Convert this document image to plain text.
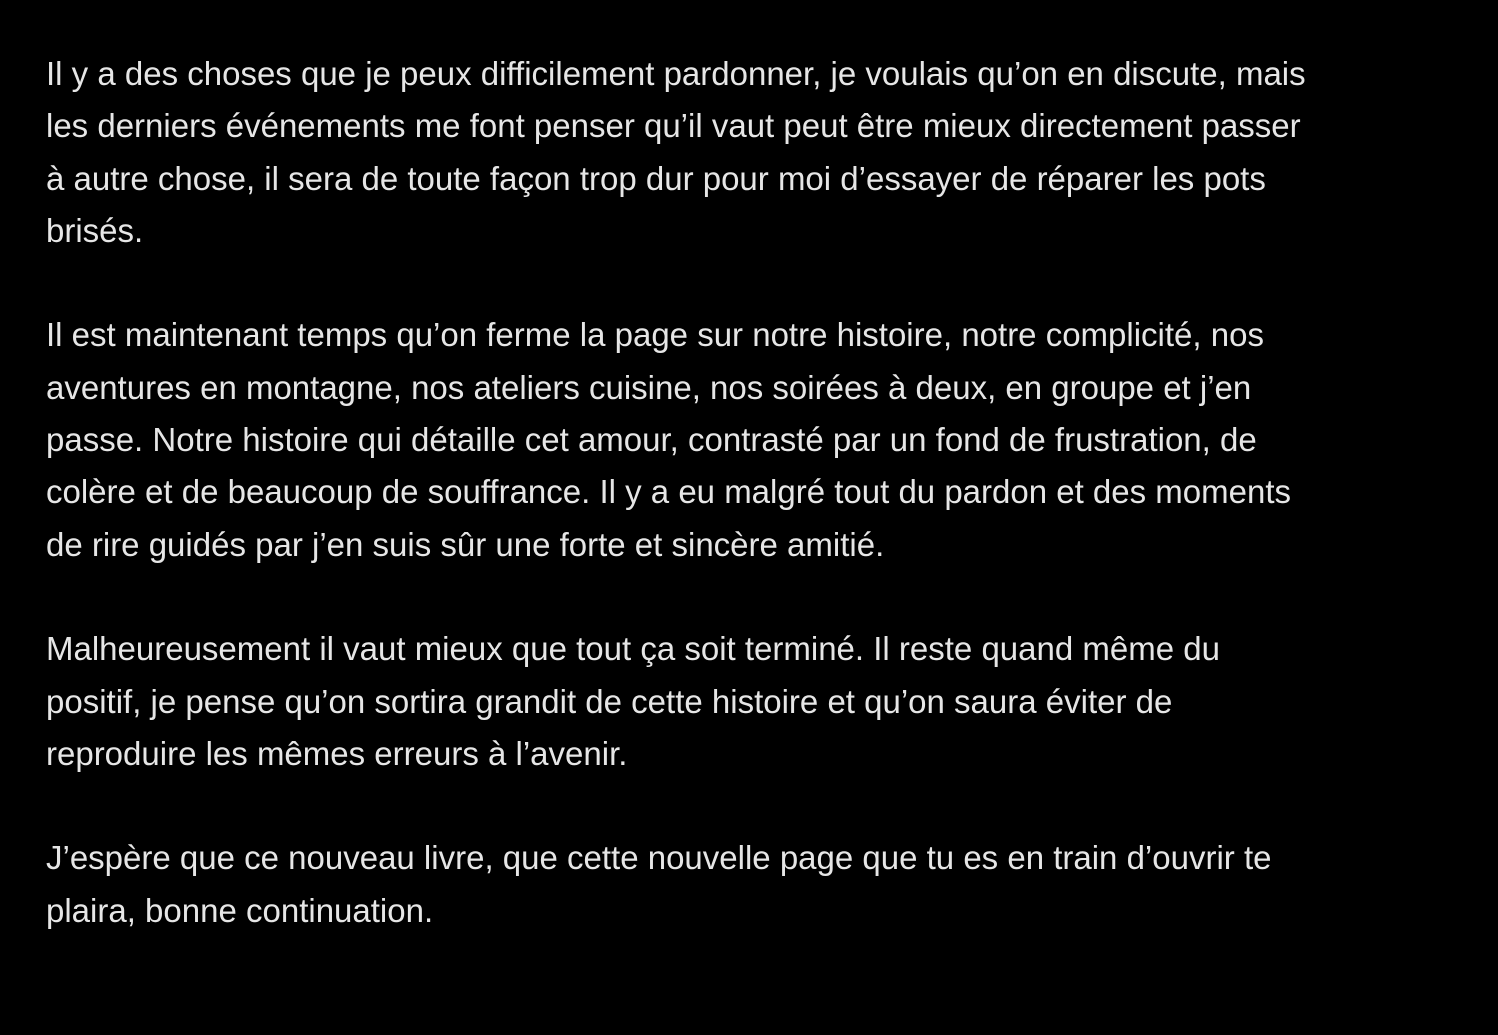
Il y a des choses que je peux difficilement pardonner, je voulais qu’on en discute, mais
les derniers événements me font penser qu’il vaut peut être mieux directement passer
à autre chose, il sera de toute façon trop dur pour moi d’essayer de réparer les pots
brisés.

Il est maintenant temps qu’on ferme la page sur notre histoire, notre complicité, nos
aventures en montagne, nos ateliers cuisine, nos soirées à deux, en groupe et j’en
passe. Notre histoire qui détaille cet amour, contrasté par un fond de frustration, de
colère et de beaucoup de souffrance. Il y a eu malgré tout du pardon et des moments
de rire guidés par j’en suis sûr une forte et sincère amitié.

Malheureusement il vaut mieux que tout ça soit terminé. Il reste quand même du
positif, je pense qu’on sortira grandit de cette histoire et qu’on saura éviter de
reproduire les mêmes erreurs à l’avenir.

J’espère que ce nouveau livre, que cette nouvelle page que tu es en train d’ouvrir te
plaira, bonne continuation.
